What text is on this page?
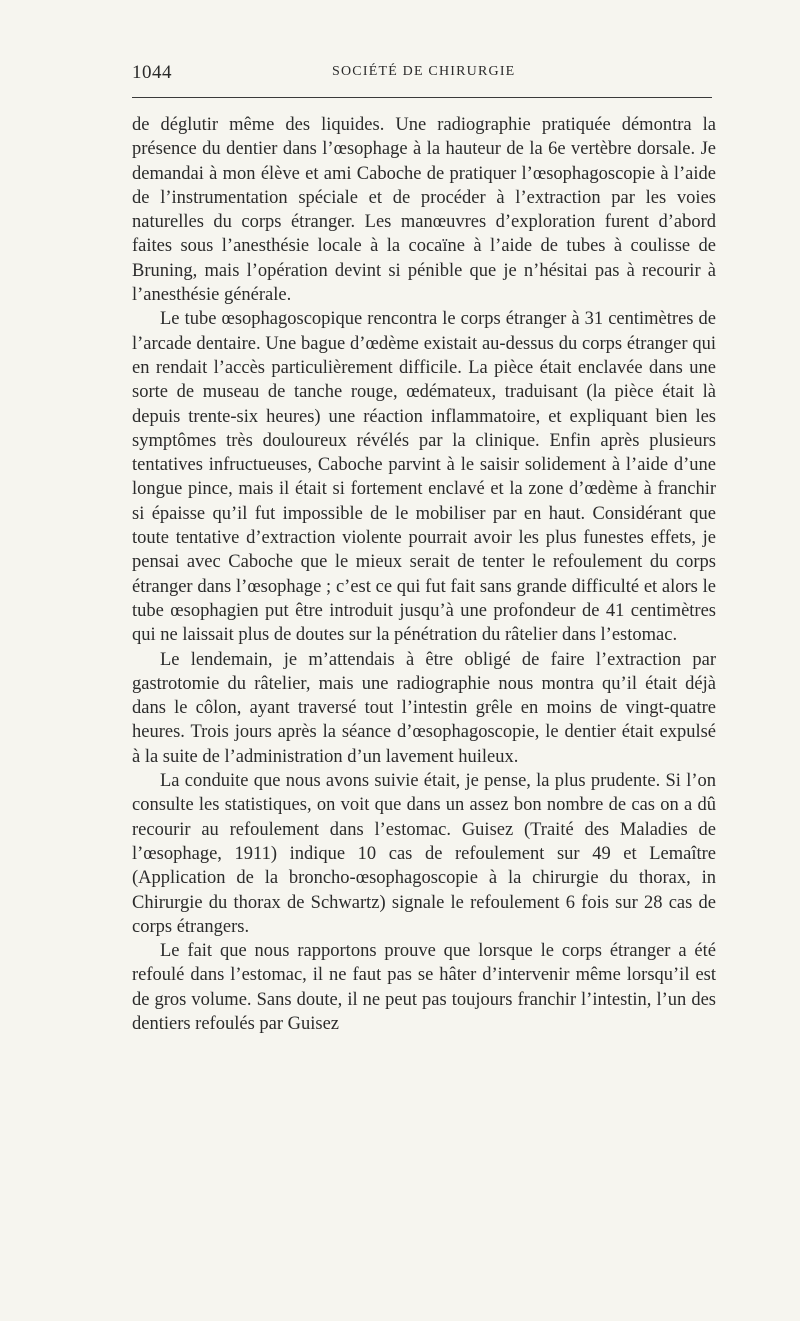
1044	SOCIÉTÉ DE CHIRURGIE

de déglutir même des liquides. Une radiographie pratiquée démontra la présence du dentier dans l’œsophage à la hauteur de la 6e vertèbre dorsale. Je demandai à mon élève et ami Caboche de pratiquer l’œsophagoscopie à l’aide de l’instrumentation spéciale et de procéder à l’extraction par les voies naturelles du corps étranger. Les manœuvres d’exploration furent d’abord faites sous l’anesthésie locale à la cocaïne à l’aide de tubes à coulisse de Bruning, mais l’opération devint si pénible que je n’hésitai pas à recourir à l’anesthésie générale.

Le tube œsophagoscopique rencontra le corps étranger à 31 centimètres de l’arcade dentaire. Une bague d’œdème existait au-dessus du corps étranger qui en rendait l’accès particulièrement difficile. La pièce était enclavée dans une sorte de museau de tanche rouge, œdémateux, traduisant (la pièce était là depuis trente-six heures) une réaction inflammatoire, et expliquant bien les symptômes très douloureux révélés par la clinique. Enfin après plusieurs tentatives infructueuses, Caboche parvint à le saisir solidement à l’aide d’une longue pince, mais il était si fortement enclavé et la zone d’œdème à franchir si épaisse qu’il fut impossible de le mobiliser par en haut. Considérant que toute tentative d’extraction violente pourrait avoir les plus funestes effets, je pensai avec Caboche que le mieux serait de tenter le refoulement du corps étranger dans l’œsophage ; c’est ce qui fut fait sans grande difficulté et alors le tube œsophagien put être introduit jusqu’à une profondeur de 41 centimètres qui ne laissait plus de doutes sur la pénétration du râtelier dans l’estomac.

Le lendemain, je m’attendais à être obligé de faire l’extraction par gastrotomie du râtelier, mais une radiographie nous montra qu’il était déjà dans le côlon, ayant traversé tout l’intestin grêle en moins de vingt-quatre heures. Trois jours après la séance d’œsophagoscopie, le dentier était expulsé à la suite de l’administration d’un lavement huileux.

La conduite que nous avons suivie était, je pense, la plus prudente. Si l’on consulte les statistiques, on voit que dans un assez bon nombre de cas on a dû recourir au refoulement dans l’estomac. Guisez (Traité des Maladies de l’œsophage, 1911) indique 10 cas de refoulement sur 49 et Lemaître (Application de la broncho-œsophagoscopie à la chirurgie du thorax, in Chirurgie du thorax de Schwartz) signale le refoulement 6 fois sur 28 cas de corps étrangers.

Le fait que nous rapportons prouve que lorsque le corps étranger a été refoulé dans l’estomac, il ne faut pas se hâter d’intervenir même lorsqu’il est de gros volume. Sans doute, il ne peut pas toujours franchir l’intestin, l’un des dentiers refoulés par Guisez
